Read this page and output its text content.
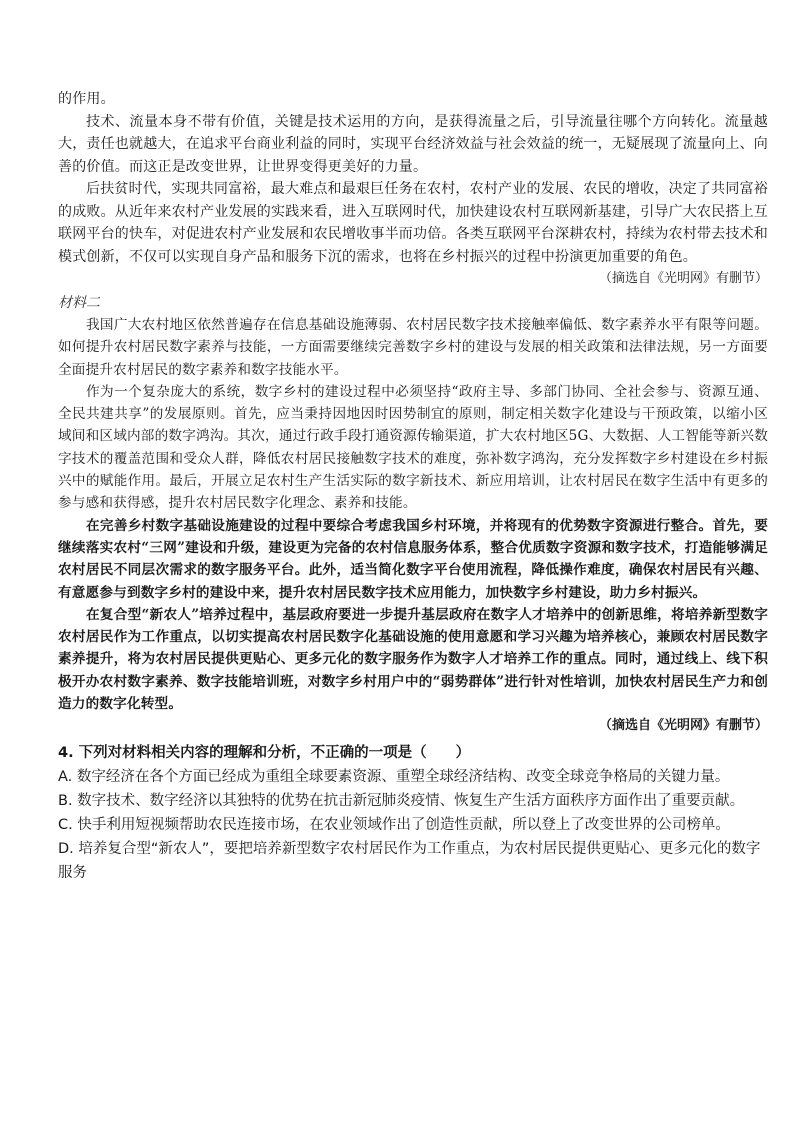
的作用。

技术、流量本身不带有价值，关键是技术运用的方向，是获得流量之后，引导流量往哪个方向转化。流量越大，责任也就越大，在追求平台商业利益的同时，实现平台经济效益与社会效益的统一，无疑展现了流量向上、向善的价值。而这正是改变世界，让世界变得更美好的力量。

后扶贫时代，实现共同富裕，最大难点和最艰巨任务在农村，农村产业的发展、农民的增收，决定了共同富裕的成败。从近年来农村产业发展的实践来看，进入互联网时代，加快建设农村互联网新基建，引导广大农民搭上互联网平台的快车，对促进农村产业发展和农民增收事半而功倍。各类互联网平台深耕农村，持续为农村带去技术和模式创新，不仅可以实现自身产品和服务下沉的需求，也将在乡村振兴的过程中扮演更加重要的角色。

（摘选自《光明网》有删节）

材料二

我国广大农村地区依然普遍存在信息基础设施薄弱、农村居民数字技术接触率偏低、数字素养水平有限等问题。如何提升农村居民数字素养与技能，一方面需要继续完善数字乡村的建设与发展的相关政策和法律法规，另一方面要全面提升农村居民的数字素养和数字技能水平。

作为一个复杂庞大的系统，数字乡村的建设过程中必须坚持“政府主导、多部门协同、全社会参与、资源互通、全民共建共享”的发展原则。首先，应当秉持因地因时因势制宜的原则，制定相关数字化建设与干预政策，以缩小区域间和区域内部的数字鸿沟。其次，通过行政手段打通资源传输渠道，扩大农村地区5G、大数据、人工智能等新兴数字技术的覆盖范围和受众人群，降低农村居民接触数字技术的难度，弥补数字鸿沟，充分发挥数字乡村建设在乡村振兴中的赋能作用。最后，开展立足农村生产生活实际的数字新技术、新应用培训，让农村居民在数字生活中有更多的参与感和获得感，提升农村居民数字化理念、素养和技能。

在完善乡村数字基础设施建设的过程中要综合考虑我国乡村环境，并将现有的优势数字资源进行整合。首先，要继续落实农村“三网”建设和升级，建设更为完备的农村信息服务体系，整合优质数字资源和数字技术，打造能够满足农村居民不同层次需求的数字服务平台。此外，适当简化数字平台使用流程，降低操作难度，确保农村居民有兴趣、有意愿参与到数字乡村的建设中来，提升农村居民数字技术应用能力，加快数字乡村建设，助力乡村振兴。

在复合型“新农人”培养过程中，基层政府要进一步提升基层政府在数字人才培养中的创新思维，将培养新型数字农村居民作为工作重点，以切实提高农村居民数字化基础设施的使用意愿和学习兴趣为培养核心，兼顾农村居民数字素养提升，将为农村居民提供更贴心、更多元化的数字服务作为数字人才培养工作的重点。同时，通过线上、线下积极开办农村数字素养、数字技能培训班，对数字乡村用户中的“弱势群体”进行针对性培训，加快农村居民生产力和创造力的数字化转型。

（摘选自《光明网》有删节）

4. 下列对材料相关内容的理解和分析，不正确的一项是（　　）

A. 数字经济在各个方面已经成为重组全球要素资源、重塑全球经济结构、改变全球竞争格局的关键力量。

B. 数字技术、数字经济以其独特的优势在抗击新冠肺炎疫情、恢复生产生活方面秩序方面作出了重要贡献。

C. 快手利用短视频帮助农民连接市场，在农业领域作出了创造性贡献，所以登上了改变世界的公司榜单。

D. 培养复合型“新农人”，要把培养新型数字农村居民作为工作重点，为农村居民提供更贴心、更多元化的数字服务
